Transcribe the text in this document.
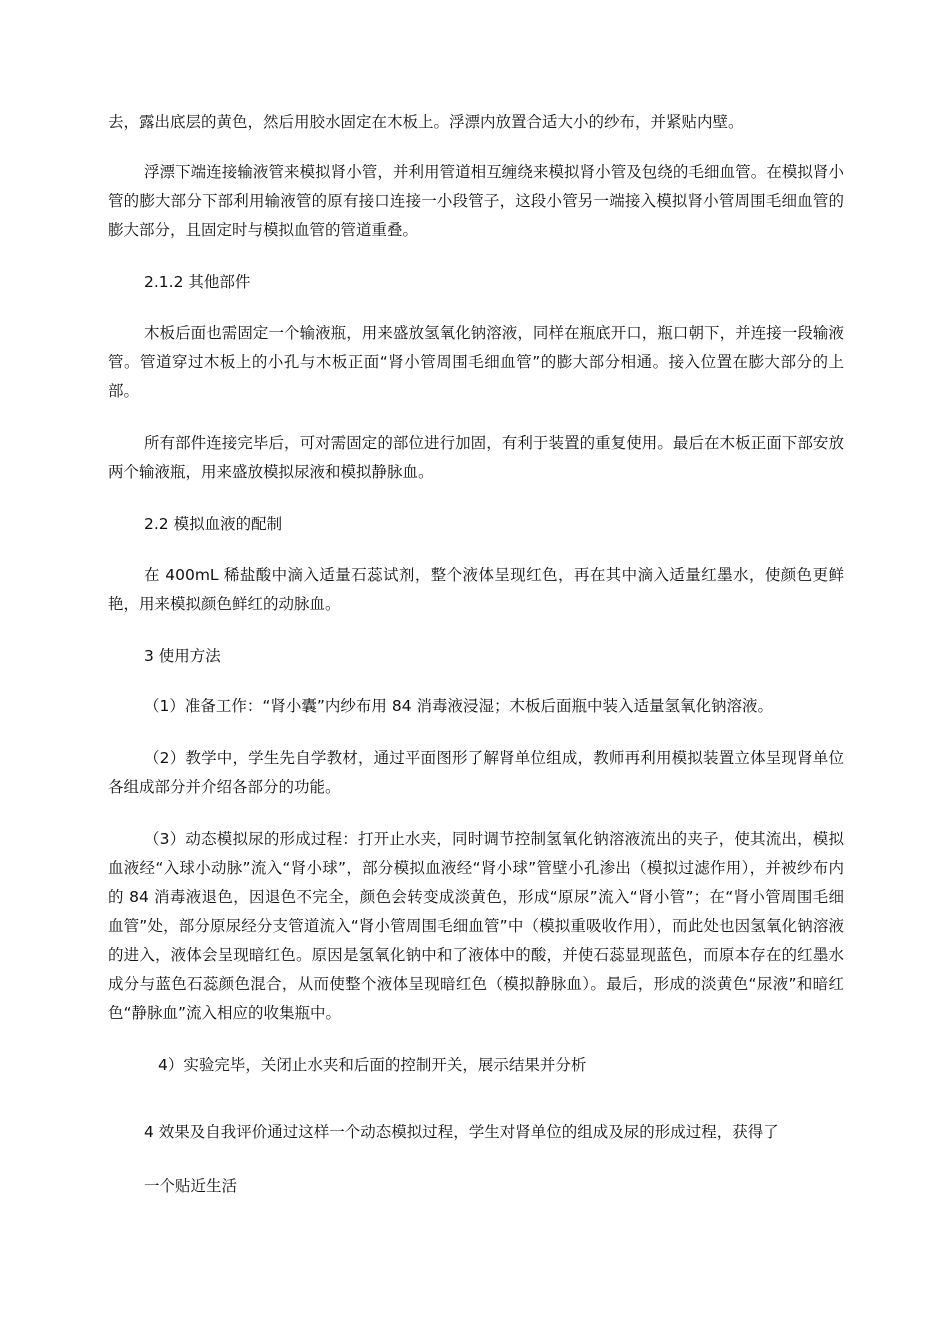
去，露出底层的黄色，然后用胶水固定在木板上。浮漂内放置合适大小的纱布，并紧贴内壁。

浮漂下端连接输液管来模拟肾小管，并利用管道相互缠绕来模拟肾小管及包绕的毛细血管。在模拟肾小管的膨大部分下部利用输液管的原有接口连接一小段管子，这段小管另一端接入模拟肾小管周围毛细血管的膨大部分，且固定时与模拟血管的管道重叠。

2.1.2 其他部件

木板后面也需固定一个输液瓶，用来盛放氢氧化钠溶液，同样在瓶底开口，瓶口朝下，并连接一段输液管。管道穿过木板上的小孔与木板正面“肾小管周围毛细血管”的膨大部分相通。接入位置在膨大部分的上部。

所有部件连接完毕后，可对需固定的部位进行加固，有利于装置的重复使用。最后在木板正面下部安放两个输液瓶，用来盛放模拟尿液和模拟静脉血。

2.2 模拟血液的配制

在 400mL 稀盐酸中滴入适量石蕊试剂，整个液体呈现红色，再在其中滴入适量红墨水，使颜色更鲜艳，用来模拟颜色鲜红的动脉血。

3 使用方法

（1）准备工作：“肾小囊”内纱布用 84 消毒液浸湿；木板后面瓶中装入适量氢氧化钠溶液。

（2）教学中，学生先自学教材，通过平面图形了解肾单位组成，教师再利用模拟装置立体呈现肾单位各组成部分并介绍各部分的功能。

（3）动态模拟尿的形成过程：打开止水夹，同时调节控制氢氧化钠溶液流出的夹子，使其流出，模拟血液经“入球小动脉”流入“肾小球”，部分模拟血液经“肾小球”管壁小孔渗出（模拟过滤作用），并被纱布内的 84 消毒液退色，因退色不完全，颜色会转变成淡黄色，形成“原尿”流入“肾小管”；在“肾小管周围毛细血管”处，部分原尿经分支管道流入“肾小管周围毛细血管”中（模拟重吸收作用），而此处也因氢氧化钠溶液的进入，液体会呈现暗红色。原因是氢氧化钠中和了液体中的酸，并使石蕊显现蓝色，而原本存在的红墨水成分与蓝色石蕊颜色混合，从而使整个液体呈现暗红色（模拟静脉血）。最后，形成的淡黄色“尿液”和暗红色“静脉血”流入相应的收集瓶中。

4）实验完毕，关闭止水夹和后面的控制开关，展示结果并分析

4 效果及自我评价通过这样一个动态模拟过程，学生对肾单位的组成及尿的形成过程，获得了

一个贴近生活
